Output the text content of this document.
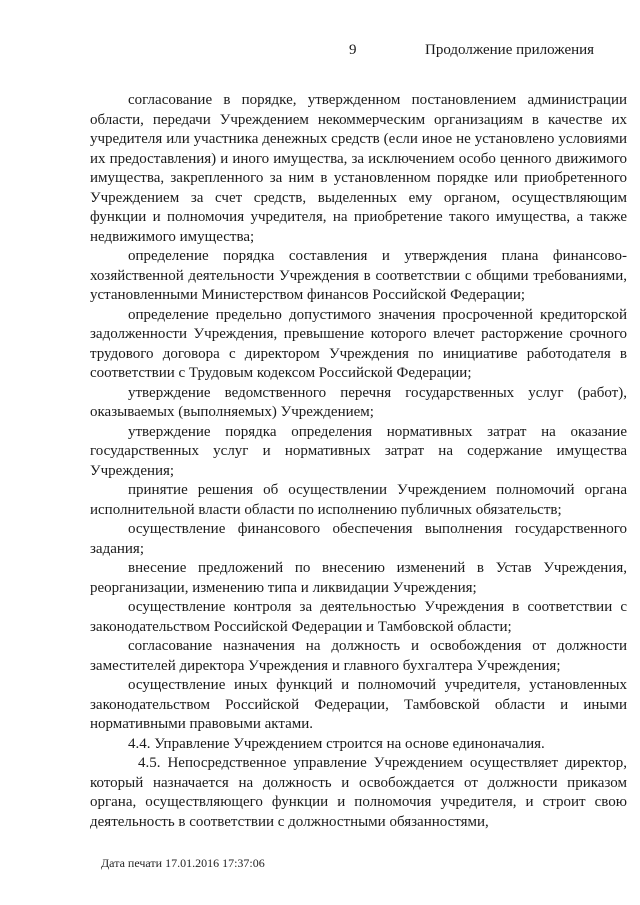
9	Продолжение приложения

согласование в порядке, утвержденном постановлением администрации области, передачи Учреждением некоммерческим организациям в качестве их учредителя или участника денежных средств (если иное не установлено условиями их предоставления) и иного имущества, за исключением особо ценного движимого имущества, закрепленного за ним в установленном порядке или приобретенного Учреждением за счет средств, выделенных ему органом, осуществляющим функции и полномочия учредителя, на приобретение такого имущества, а также недвижимого имущества;

определение порядка составления и утверждения плана финансово-хозяйственной деятельности Учреждения в соответствии с общими требованиями, установленными Министерством финансов Российской Федерации;

определение предельно допустимого значения просроченной кредиторской задолженности Учреждения, превышение которого влечет расторжение срочного трудового договора с директором Учреждения по инициативе работодателя в соответствии с Трудовым кодексом Российской Федерации;

утверждение ведомственного перечня государственных услуг (работ), оказываемых (выполняемых) Учреждением;

утверждение порядка определения нормативных затрат на оказание государственных услуг и нормативных затрат на содержание имущества Учреждения;

принятие решения об осуществлении Учреждением полномочий органа исполнительной власти области по исполнению публичных обязательств;

осуществление финансового обеспечения выполнения государственного задания;

внесение предложений по внесению изменений в Устав Учреждения, реорганизации, изменению типа и ликвидации Учреждения;

осуществление контроля за деятельностью Учреждения в соответствии с законодательством Российской Федерации и Тамбовской области;

согласование назначения на должность и освобождения от должности заместителей директора Учреждения и главного бухгалтера Учреждения;

осуществление иных функций и полномочий учредителя, установленных законодательством Российской Федерации, Тамбовской области и иными нормативными правовыми актами.

4.4. Управление Учреждением строится на основе единоначалия.

4.5. Непосредственное управление Учреждением осуществляет директор, который назначается на должность и освобождается от должности приказом органа, осуществляющего функции и полномочия учредителя, и строит свою деятельность в соответствии с должностными обязанностями,

Дата печати 17.01.2016 17:37:06
